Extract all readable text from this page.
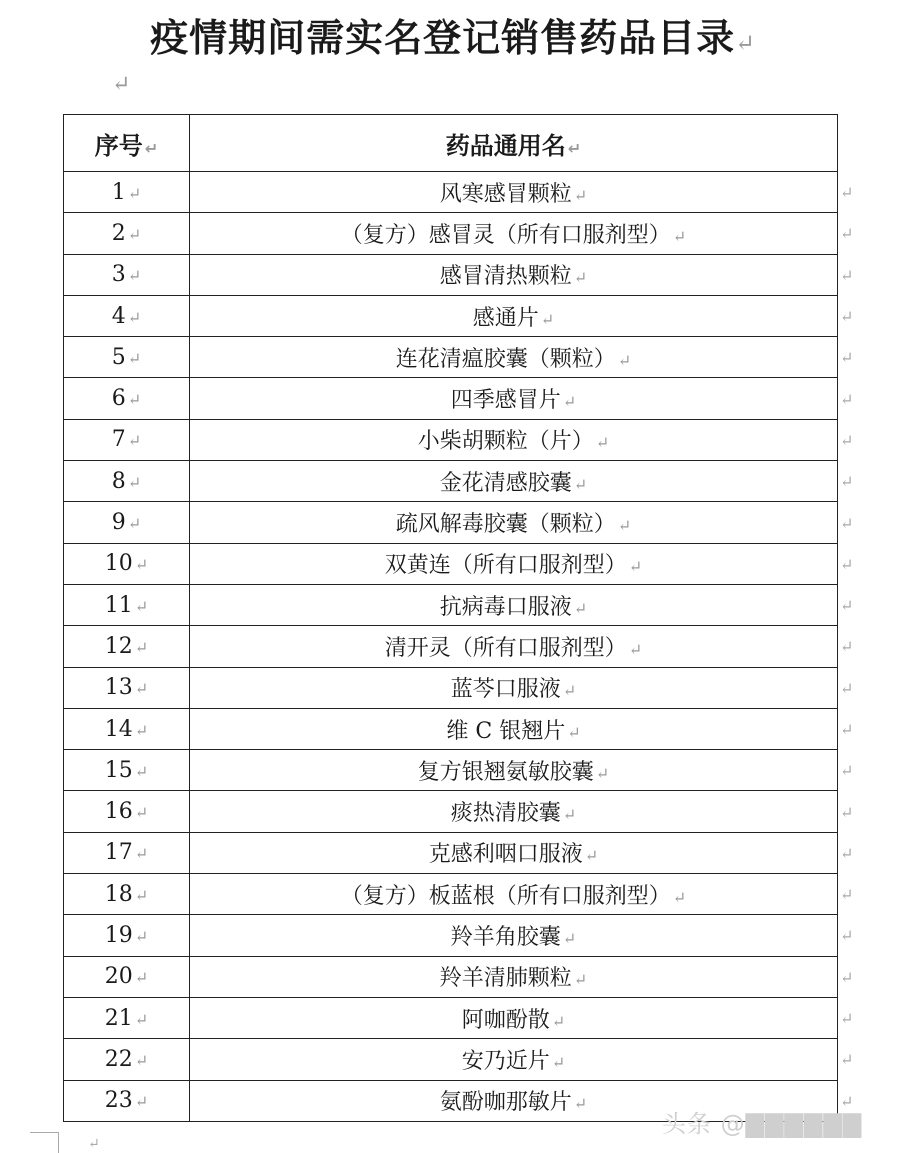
疫情期间需实名登记销售药品目录↵
↵
序号 ↵	药品通用名 ↵
1 ↵	风寒感冒颗粒 ↵
2 ↵	（复方）感冒灵（所有口服剂型） ↵
3 ↵	感冒清热颗粒 ↵
4 ↵	感通片 ↵
5 ↵	连花清瘟胶囊（颗粒） ↵
6 ↵	四季感冒片 ↵
7 ↵	小柴胡颗粒（片） ↵
8 ↵	金花清感胶囊 ↵
9 ↵	疏风解毒胶囊（颗粒） ↵
10 ↵	双黄连（所有口服剂型） ↵
11 ↵	抗病毒口服液 ↵
12 ↵	清开灵（所有口服剂型） ↵
13 ↵	蓝芩口服液 ↵
14 ↵	维 C 银翘片 ↵
15 ↵	复方银翘氨敏胶囊 ↵
16 ↵	痰热清胶囊 ↵
17 ↵	克感利咽口服液 ↵
18 ↵	（复方）板蓝根（所有口服剂型） ↵
19 ↵	羚羊角胶囊 ↵
20 ↵	羚羊清肺颗粒 ↵
21 ↵	阿咖酚散 ↵
22 ↵	安乃近片 ↵
23 ↵	氨酚咖那敏片 ↵
↵
↵
↵
↵
↵
↵
↵
↵
↵
↵
↵
↵
↵
↵
↵
↵
↵
↵
↵
↵
↵
↵
↵
↵
头条 @▇▇▇▇▇▇
